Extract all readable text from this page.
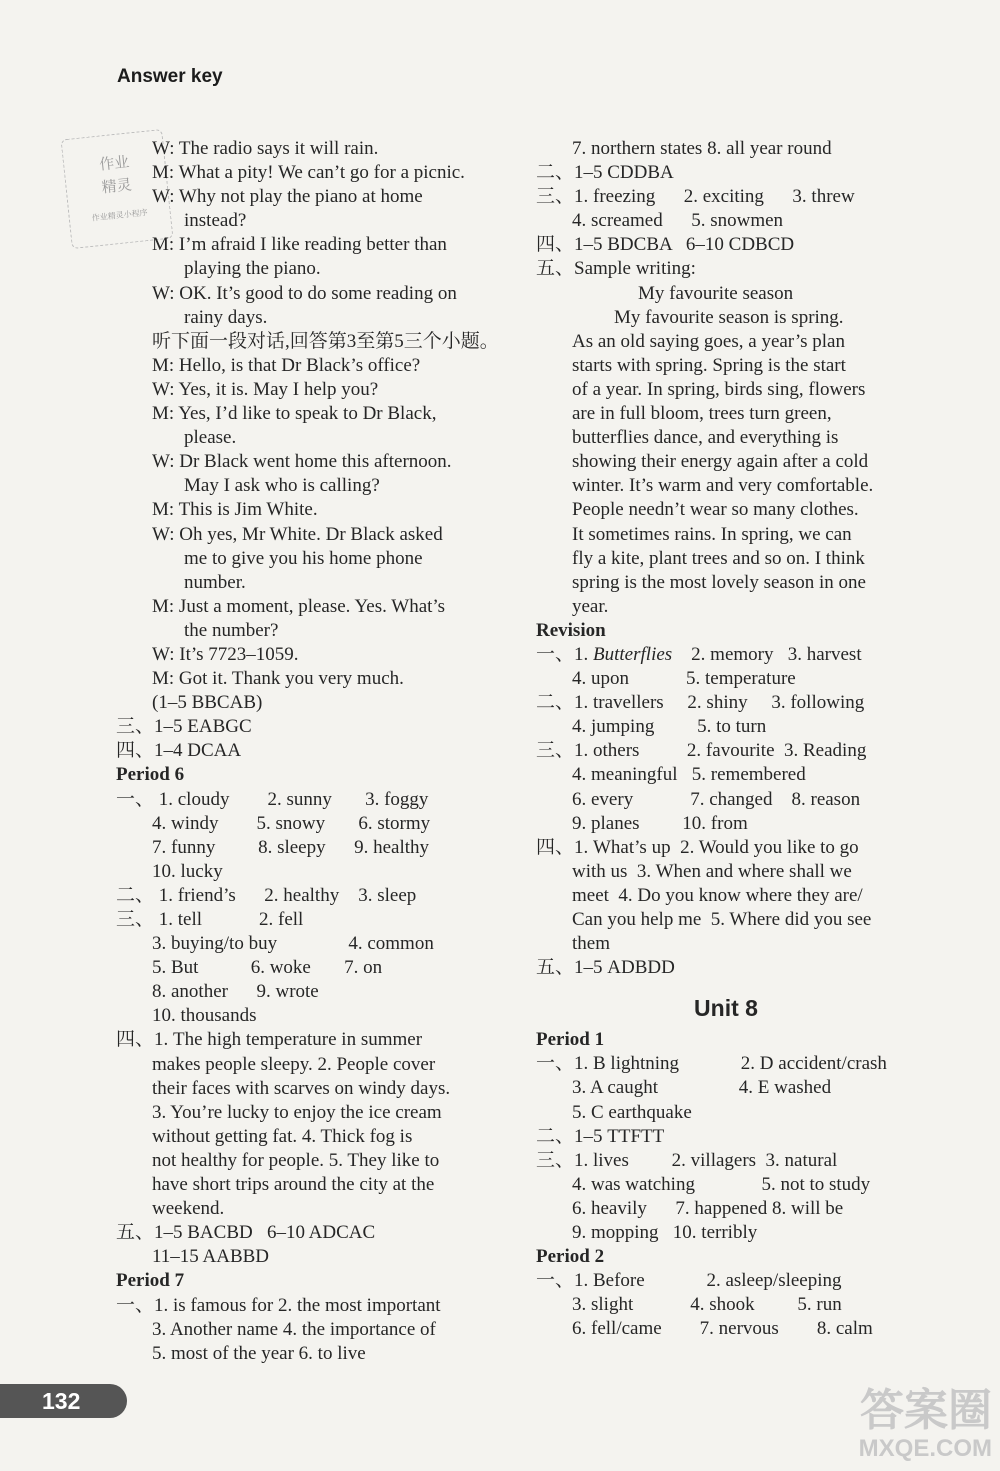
Answer key
作业
精灵
作业精灵小程序
W: The radio says it will rain.
M: What a pity! We can’t go for a picnic.
W: Why not play the piano at home
instead?
M: I’m afraid I like reading better than
playing the piano.
W: OK. It’s good to do some reading on
rainy days.
听下面一段对话,回答第3至第5三个小题。
M: Hello, is that Dr Black’s office?
W: Yes, it is. May I help you?
M: Yes, I’d like to speak to Dr Black,
please.
W: Dr Black went home this afternoon.
May I ask who is calling?
M: This is Jim White.
W: Oh yes, Mr White. Dr Black asked
me to give you his home phone
number.
M: Just a moment, please. Yes. What’s
the number?
W: It’s 7723–1059.
M: Got it. Thank you very much.
(1–5 BBCAB)
三、1–5 EABGC
四、1–4 DCAA
Period 6
一、 1. cloudy        2. sunny       3. foggy
4. windy        5. snowy       6. stormy
7. funny         8. sleepy      9. healthy
10. lucky
二、 1. friend’s      2. healthy    3. sleep
三、 1. tell            2. fell
3. buying/to buy               4. common
5. But           6. woke       7. on
8. another      9. wrote
10. thousands
四、1. The high temperature in summer
makes people sleepy. 2. People cover
their faces with scarves on windy days.
3. You’re lucky to enjoy the ice cream
without getting fat. 4. Thick fog is
not healthy for people. 5. They like to
have short trips around the city at the
weekend.
五、1–5 BACBD   6–10 ADCAC
11–15 AABBD
Period 7
一、1. is famous for 2. the most important
3. Another name 4. the importance of
5. most of the year 6. to live
7. northern states 8. all year round
二、1–5 CDDBA
三、1. freezing      2. exciting      3. threw
4. screamed      5. snowmen
四、1–5 BDCBA   6–10 CDBCD
五、Sample writing:
My favourite season
My favourite season is spring.
As an old saying goes, a year’s plan
starts with spring. Spring is the start
of a year. In spring, birds sing, flowers
are in full bloom, trees turn green,
butterflies dance, and everything is
showing their energy again after a cold
winter. It’s warm and very comfortable.
People needn’t wear so many clothes.
It sometimes rains. In spring, we can
fly a kite, plant trees and so on. I think
spring is the most lovely season in one
year.
Revision
一、1. Butterflies    2. memory   3. harvest
4. upon            5. temperature
二、1. travellers     2. shiny     3. following
4. jumping         5. to turn
三、1. others          2. favourite  3. Reading
4. meaningful   5. remembered
6. every            7. changed    8. reason
9. planes         10. from
四、1. What’s up  2. Would you like to go
with us  3. When and where shall we
meet  4. Do you know where they are/
Can you help me  5. Where did you see
them
五、1–5 ADBDD
Unit 8
Period 1
一、1. B lightning             2. D accident/crash
3. A caught                 4. E washed
5. C earthquake
二、1–5 TTFTT
三、1. lives         2. villagers  3. natural
4. was watching              5. not to study
6. heavily      7. happened 8. will be
9. mopping   10. terribly
Period 2
一、1. Before             2. asleep/sleeping
3. slight            4. shook         5. run
6. fell/came        7. nervous        8. calm
132	答案圈
MXQE.COM
